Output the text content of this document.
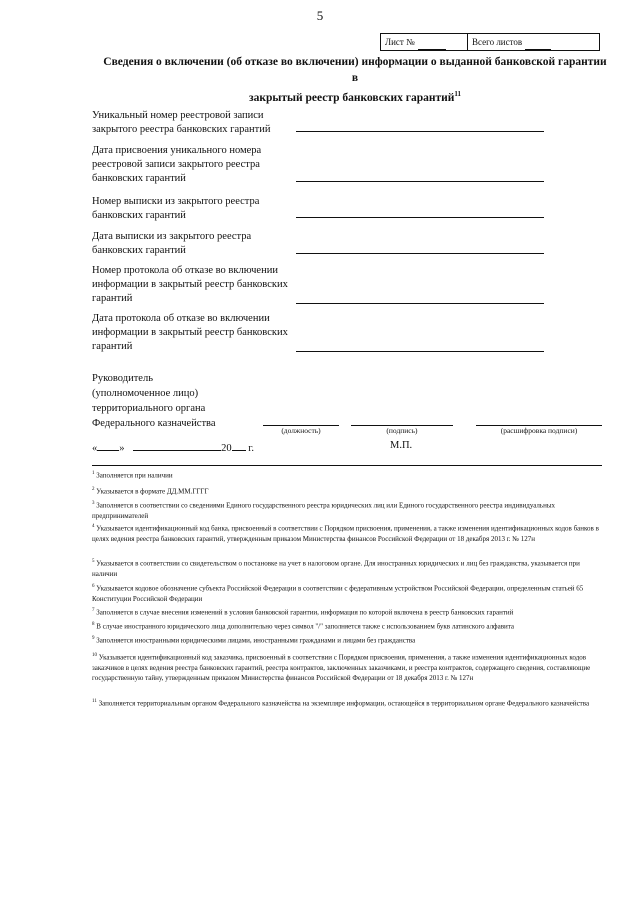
5
Лист №	Всего листов
Сведения о включении (об отказе во включении) информации о выданной банковской гарантии в
закрытый реестр банковских гарантий$^{11}$
Уникальный номер реестровой записи
закрытого реестра банковских гарантий
Дата присвоения уникального номера
реестровой записи закрытого реестра
банковских гарантий
Номер выписки из закрытого реестра
банковских гарантий
Дата выписки из закрытого реестра
банковских гарантий
Номер протокола об отказе во включении
информации в закрытый реестр банковских
гарантий
Дата протокола об отказе во включении
информации в закрытый реестр банковских
гарантий
Руководитель
(уполномоченное лицо)
территориального органа
Федерального казначейства
(должность)	(подпись)	(расшифровка подписи)
« »	20 г.	М.П.
$^1$ Заполняется при наличии
$^2$ Указывается в формате ДД.ММ.ГГГГ
$^3$ Заполняется в соответствии со сведениями Единого государственного реестра юридических лиц или Единого государственного реестра индивидуальных предпринимателей
$^4$ Указывается идентификационный код банка, присвоенный в соответствии с Порядком присвоения, применения, а также изменения идентификационных кодов банков в целях ведения реестра банковских гарантий, утвержденным приказом Министерства финансов Российской Федерации от 18 декабря 2013 г. № 127н
$^5$ Указывается в соответствии со свидетельством о постановке на учет в налоговом органе. Для иностранных юридических и лиц без гражданства, указывается при наличии
$^6$ Указывается кодовое обозначение субъекта Российской Федерации в соответствии с федеративным устройством Российской Федерации, определенным статьей 65 Конституции Российской Федерации
$^7$ Заполняется в случае внесения изменений в условия банковской гарантии, информация по которой включена в реестр банковских гарантий
$^8$ В случае иностранного юридического лица дополнительно через символ "/" заполняется также с использованием букв латинского алфавита
$^9$ Заполняется иностранными юридическими лицами, иностранными гражданами и лицами без гражданства
$^{10}$ Указывается идентификационный код заказчика, присвоенный в соответствии с Порядком присвоения, применения, а также изменения идентификационных кодов заказчиков в целях ведения реестра банковских гарантий, реестра контрактов, заключенных заказчиками, и реестра контрактов, содержащего сведения, составляющие государственную тайну, утвержденным приказом Министерства финансов Российской Федерации от 18 декабря 2013 г. № 127н
$^{11}$ Заполняется территориальным органом Федерального казначейства на экземпляре информации, остающейся в территориальном органе Федерального казначейства
